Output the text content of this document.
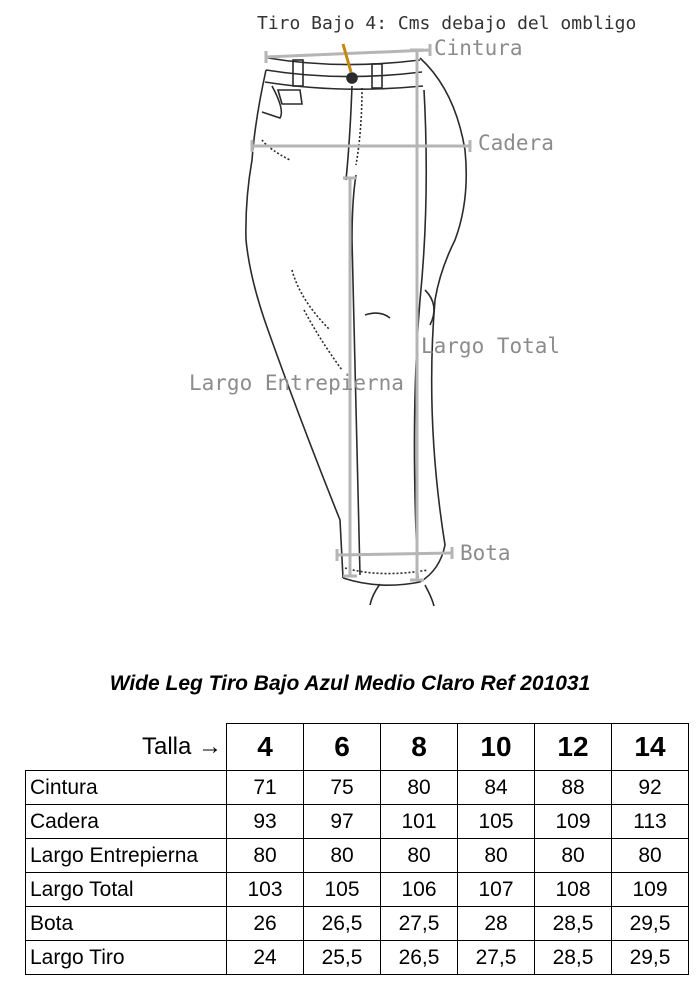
Tiro Bajo 4: Cms debajo del ombligo
Cintura
Cadera
Largo Total
Largo Entrepierna
Bota
Wide Leg Tiro Bajo Azul Medio Claro Ref 201031
Talla →	4	6	8	10	12	14
Cintura	71	75	80	84	88	92
Cadera	93	97	101	105	109	113
Largo Entrepierna	80	80	80	80	80	80
Largo Total	103	105	106	107	108	109
Bota	26	26,5	27,5	28	28,5	29,5
Largo Tiro	24	25,5	26,5	27,5	28,5	29,5
